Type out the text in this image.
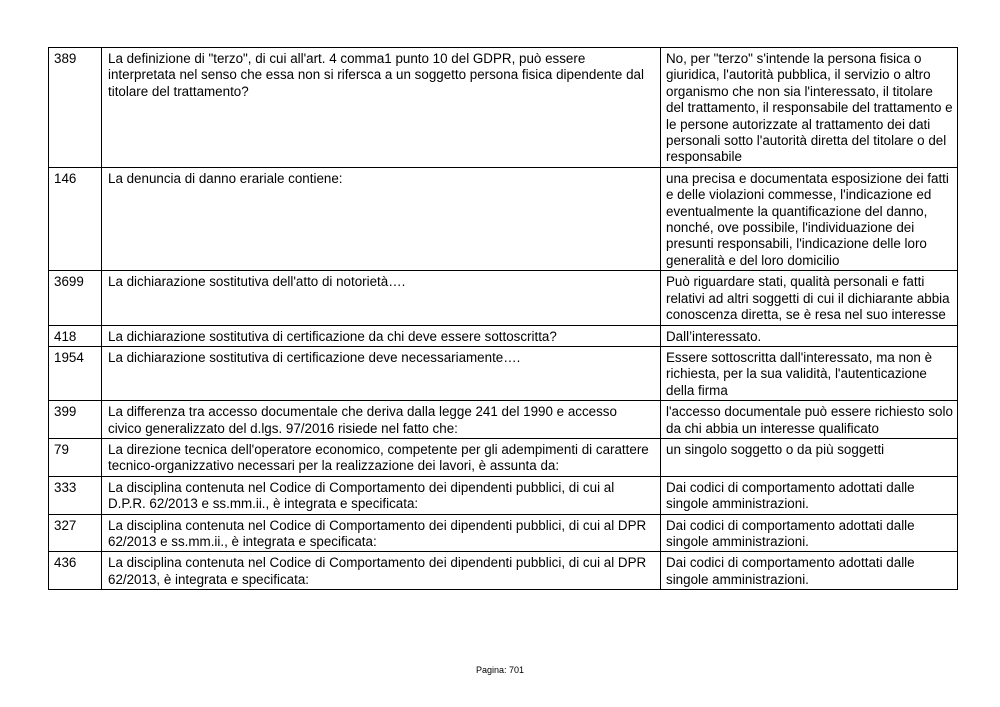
389	La definizione di "terzo", di cui all'art. 4 comma1 punto 10 del GDPR, può essere interpretata nel senso che essa non si rifersca a un soggetto persona fisica dipendente dal titolare del trattamento?	No, per "terzo" s'intende la persona fisica o giuridica, l'autorità pubblica, il servizio o altro organismo che non sia l'interessato, il titolare del trattamento, il responsabile del trattamento e le persone autorizzate al trattamento dei dati personali sotto l'autorità diretta del titolare o del responsabile
146	La denuncia di danno erariale contiene:	una precisa e documentata esposizione dei fatti e delle violazioni commesse, l'indicazione ed eventualmente la quantificazione del danno, nonché, ove possibile, l'individuazione dei presunti responsabili, l'indicazione delle loro generalità e del loro domicilio
3699	La dichiarazione sostitutiva dell'atto di notorietà….	Può riguardare stati, qualità personali e fatti relativi ad altri soggetti di cui il dichiarante abbia conoscenza diretta, se è resa nel suo interesse
418	La dichiarazione sostitutiva di certificazione da chi deve essere sottoscritta?	Dall’interessato.
1954	La dichiarazione sostitutiva di certificazione deve necessariamente….	Essere sottoscritta dall'interessato, ma non è richiesta, per la sua validità, l'autenticazione della firma
399	La differenza tra accesso documentale che deriva dalla legge 241 del 1990 e accesso civico generalizzato del d.lgs. 97/2016 risiede nel fatto che:	l'accesso documentale può essere richiesto solo da chi abbia un interesse qualificato
79	La direzione tecnica dell'operatore economico, competente per gli adempimenti di carattere tecnico-organizzativo necessari per la realizzazione dei lavori, è assunta da:	un singolo soggetto o da più soggetti
333	La disciplina contenuta nel Codice di Comportamento dei dipendenti pubblici, di cui al D.P.R. 62/2013 e ss.mm.ii., è integrata e specificata:	Dai codici di comportamento adottati dalle singole amministrazioni.
327	La disciplina contenuta nel Codice di Comportamento dei dipendenti pubblici, di cui al DPR 62/2013 e ss.mm.ii., è integrata e specificata:	Dai codici di comportamento adottati dalle singole amministrazioni.
436	La disciplina contenuta nel Codice di Comportamento dei dipendenti pubblici, di cui al DPR 62/2013, è integrata e specificata:	Dai codici di comportamento adottati dalle singole amministrazioni.
Pagina: 701
